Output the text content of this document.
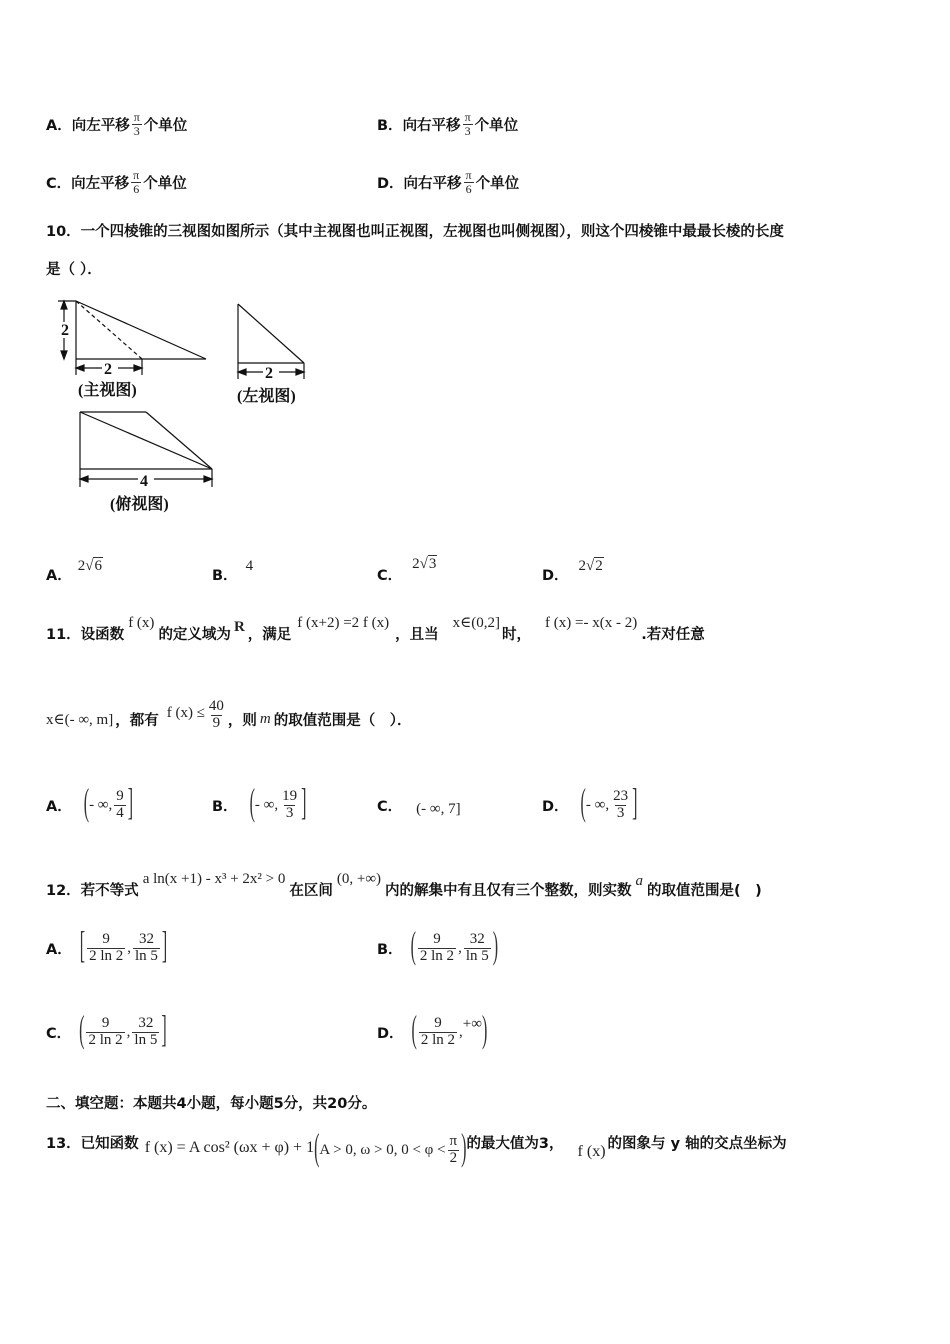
A． 向左平移 $\frac{\pi}{3}$ 个单位	B． 向右平移 $\frac{\pi}{3}$ 个单位
C． 向左平移 $\frac{\pi}{6}$ 个单位	D． 向右平移 $\frac{\pi}{6}$ 个单位
10．一个四棱锥的三视图如图所示（其中主视图也叫正视图，左视图也叫侧视图），则这个四棱锥中最最长棱的长度
是（ ）．
2
2
(主视图)
2
(左视图)
4
(俯视图)
A．
2√6
B．
4
C．
2√3
D．
2√2
11．设函数
f (x)
的定义域为 R ，满足
f (x+2) =2 f (x)
，且当
x∈(0,2]
时，
f (x) =- x(x - 2)
.若对任意
x∈(- ∞, m] ，都有 f $(x) \le \frac{40}{9}$ ，则 m 的取值范围是（　）．
A． ( - ∞, $\frac{9}{4}$ ]	B． ( - ∞, $\frac{19}{3}$ ]	C． (- ∞, 7]	D． ( - ∞, $\frac{23}{3}$ ]
12．若不等式
a ln(x +1) - x³ + 2x² > 0
在区间
(0, +∞)
内的解集中有且仅有三个整数，则实数
a
的取值范围是(　)
A． [ $\frac{9}{2 \ln 2}$ , $\frac{32}{\ln 5}$ ]	B． ( $\frac{9}{2 \ln 2}$ , $\frac{32}{\ln 5}$ )
C． ( $\frac{9}{2 \ln 2}$ , $\frac{32}{\ln 5}$ ]	D． ( $\frac{9}{2 \ln 2}$ , +∞ )
二、填空题：本题共4小题，每小题5分，共20分。
13．已知函数 f (x) = A cos² (ωx + φ) + 1 ( A > 0, ω > 0, $0 < \varphi < \frac{\pi}{2}$ ) 的最大值为3， f (x) 的图象与 y 轴的交点坐标为
